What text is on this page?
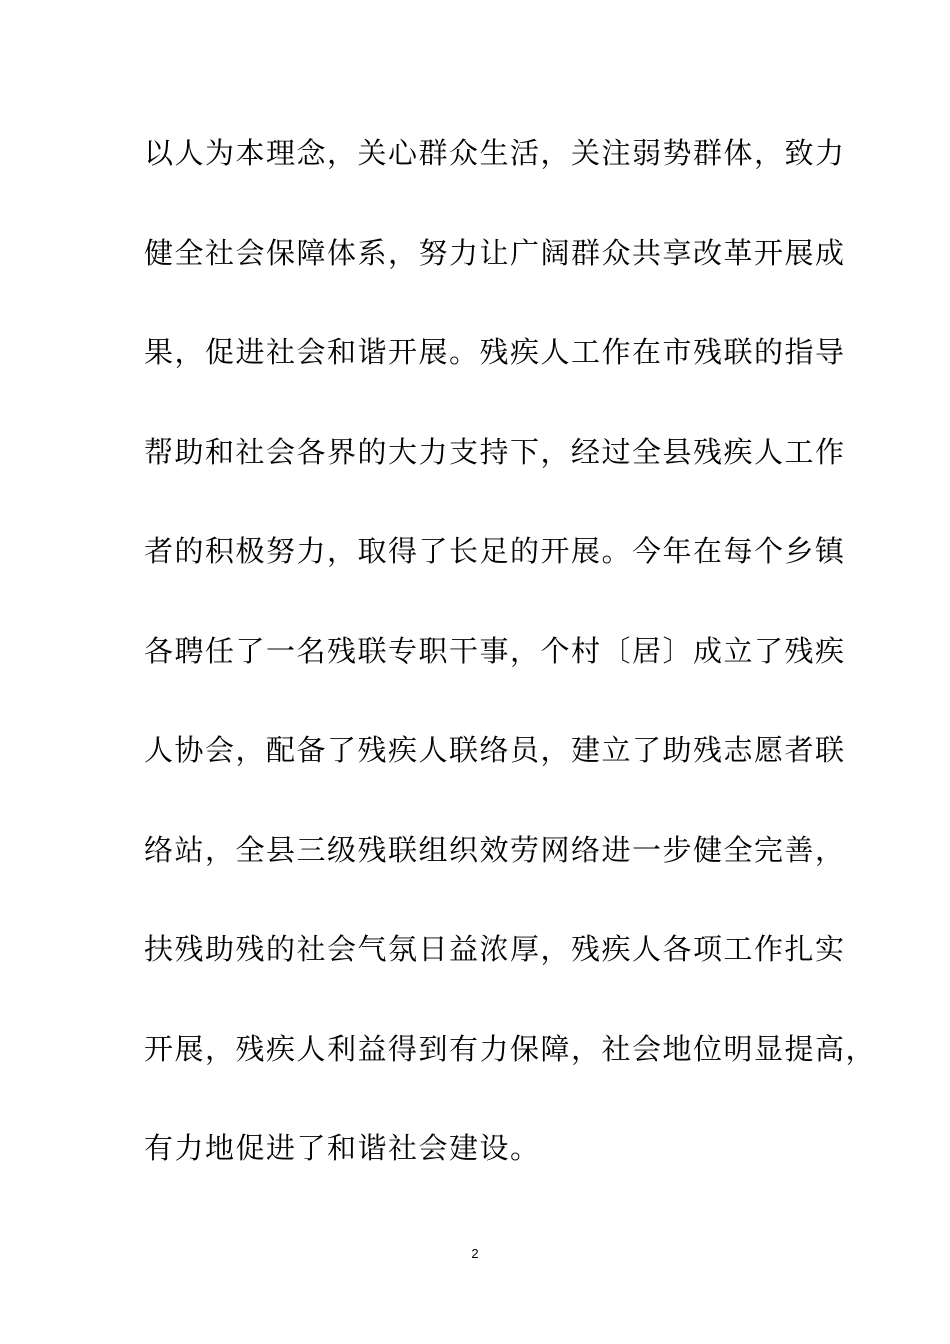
以人为本理念，关心群众生活，关注弱势群体，致力
健全社会保障体系，努力让广阔群众共享改革开展成
果，促进社会和谐开展。残疾人工作在市残联的指导
帮助和社会各界的大力支持下，经过全县残疾人工作
者的积极努力，取得了长足的开展。今年在每个乡镇
各聘任了一名残联专职干事，个村〔居〕成立了残疾
人协会，配备了残疾人联络员，建立了助残志愿者联
络站，全县三级残联组织效劳网络进一步健全完善，
扶残助残的社会气氛日益浓厚，残疾人各项工作扎实
开展，残疾人利益得到有力保障，社会地位明显提高，
有力地促进了和谐社会建设。
2
